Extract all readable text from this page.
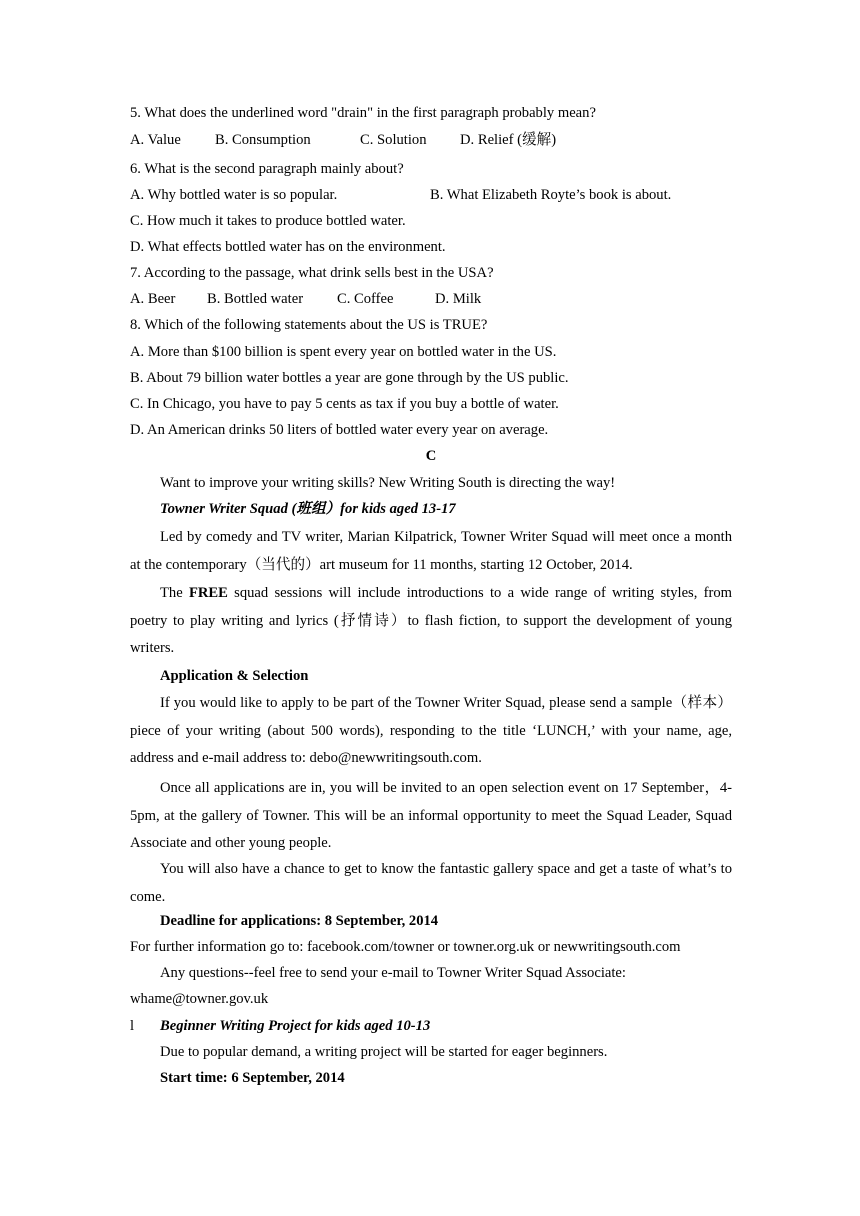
5. What does the underlined word "drain" in the first paragraph probably mean?
A. Value B. Consumption	C. Solution D. Relief (缓解)
6. What is the second paragraph mainly about?
A. Why bottled water is so popular.	B. What Elizabeth Royte’s book is about.
C. How much it takes to produce bottled water.
D. What effects bottled water has on the environment.
7. According to the passage, what drink sells best in the USA?
A. Beer B. Bottled water C. Coffee	D. Milk
8. Which of the following statements about the US is TRUE?
A. More than $100 billion is spent every year on bottled water in the US.
B. About 79 billion water bottles a year are gone through by the US public.
C. In Chicago, you have to pay 5 cents as tax if you buy a bottle of water.
D. An American drinks 50 liters of bottled water every year on average.
C
Want to improve your writing skills? New Writing South is directing the way!
Towner Writer Squad (班组）for kids aged 13-17
Led by comedy and TV writer, Marian Kilpatrick, Towner Writer Squad will meet once a month at the contemporary（当代的）art museum for 11 months, starting 12 October, 2014.
The FREE squad sessions will include introductions to a wide range of writing styles, from poetry to play writing and lyrics (抒情诗）to flash fiction, to support the development of young writers.
Application & Selection
If you would like to apply to be part of the Towner Writer Squad, please send a sample（样本） piece of your writing (about 500 words), responding to the title ‘LUNCH,’ with your name, age, address and e-mail address to: debo@newwritingsouth.com.
Once all applications are in, you will be invited to an open selection event on 17 September，4-5pm, at the gallery of Towner. This will be an informal opportunity to meet the Squad Leader, Squad Associate and other young people.
You will also have a chance to get to know the fantastic gallery space and get a taste of what’s to come.
Deadline for applications: 8 September, 2014
For further information go to: facebook.com/towner or towner.org.uk or newwritingsouth.com
Any questions--feel free to send your e-mail to Towner Writer Squad Associate:
whame@towner.gov.uk
l Beginner Writing Project for kids aged 10-13
Due to popular demand, a writing project will be started for eager beginners.
Start time: 6 September, 2014
